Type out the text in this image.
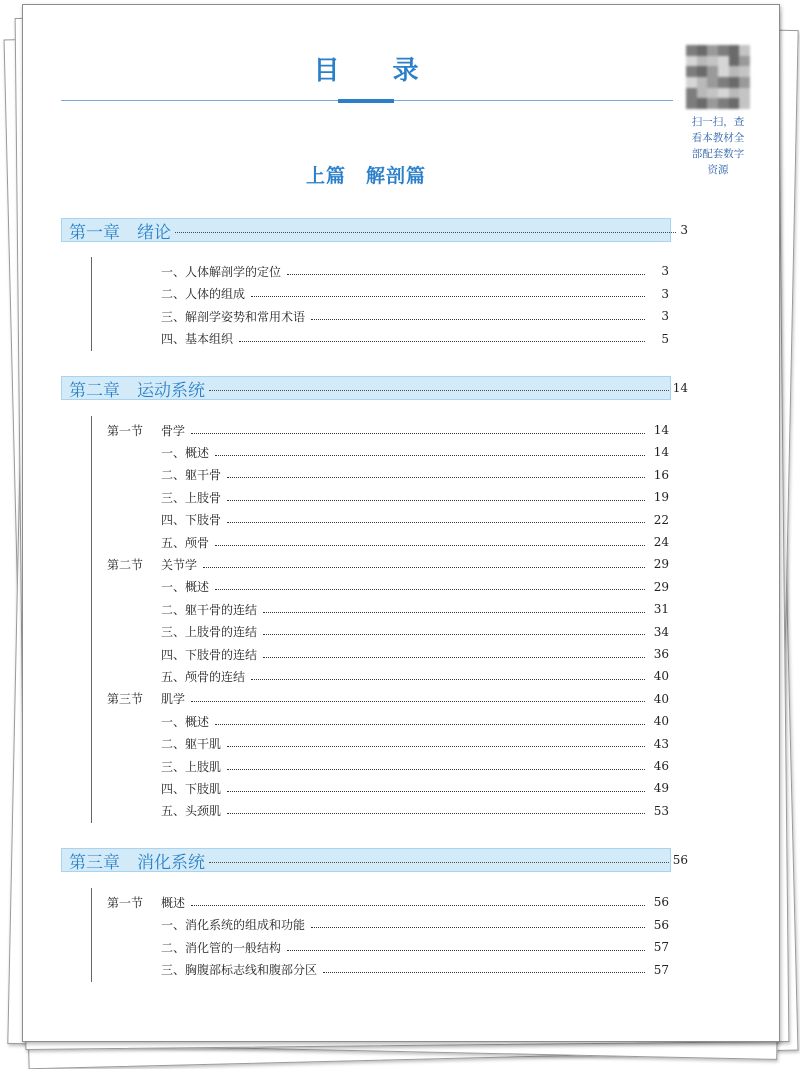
目 录
扫一扫，查
看本教材全
部配套数字
资源
上篇　解剖篇
第一章　绪论	3
一、人体解剖学的定位	3
二、人体的组成	3
三、解剖学姿势和常用术语	3
四、基本组织	5
第二章　运动系统	14
第一节	骨学	14
一、概述	14
二、躯干骨	16
三、上肢骨	19
四、下肢骨	22
五、颅骨	24
第二节	关节学	29
一、概述	29
二、躯干骨的连结	31
三、上肢骨的连结	34
四、下肢骨的连结	36
五、颅骨的连结	40
第三节	肌学	40
一、概述	40
二、躯干肌	43
三、上肢肌	46
四、下肢肌	49
五、头颈肌	53
第三章　消化系统	56
第一节	概述	56
一、消化系统的组成和功能	56
二、消化管的一般结构	57
三、胸腹部标志线和腹部分区	57
